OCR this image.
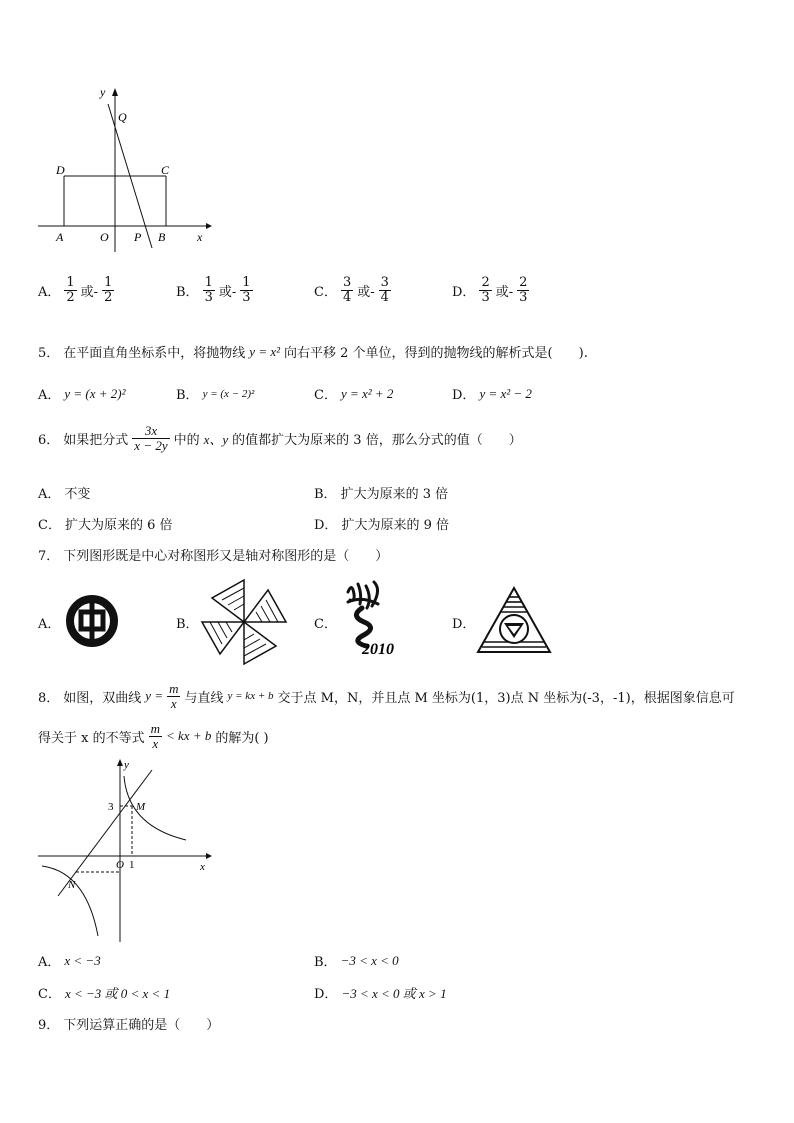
y
Q
D	C
A	O P B	x
A． $\frac{1}{2}$ 或- $\frac{1}{2}$	B． $\frac{1}{3}$ 或- $\frac{1}{3}$	C． $\frac{3}{4}$ 或- $\frac{3}{4}$	D． $\frac{2}{3}$ 或- $\frac{2}{3}$
5． 在平面直角坐标系中，将抛物线 y = x² 向右平移 2 个单位，得到的抛物线的解析式是(　　).
A． y = (x + 2)²	B． y = (x − 2)²	C． y = x² + 2	D． y = x² − 2
6． 如果把分式 $\frac{3x}{x - 2y}$ 中的 x、y 的值都扩大为原来的 3 倍，那么分式的值（　　）
A． 不变	B． 扩大为原来的 3 倍
C． 扩大为原来的 6 倍	D． 扩大为原来的 9 倍
7． 下列图形既是中心对称图形又是轴对称图形的是（　　）
A．	B．	C．
2010
D．
8． 如图，双曲线 $y = \frac{m}{x}$ 与直线 y = kx + b 交于点 M，N，并且点 M 坐标为(1，3)点 N 坐标为(-3，-1)，根据图象信息可
得关于 x 的不等式 $\frac{m}{x}$ < kx + b 的解为( )
y
x
O
3
1
M
N
A． x < −3	B． −3 < x < 0
C． x < −3 或 0 < x < 1	D． −3 < x < 0 或 x > 1
9． 下列运算正确的是（　　）
